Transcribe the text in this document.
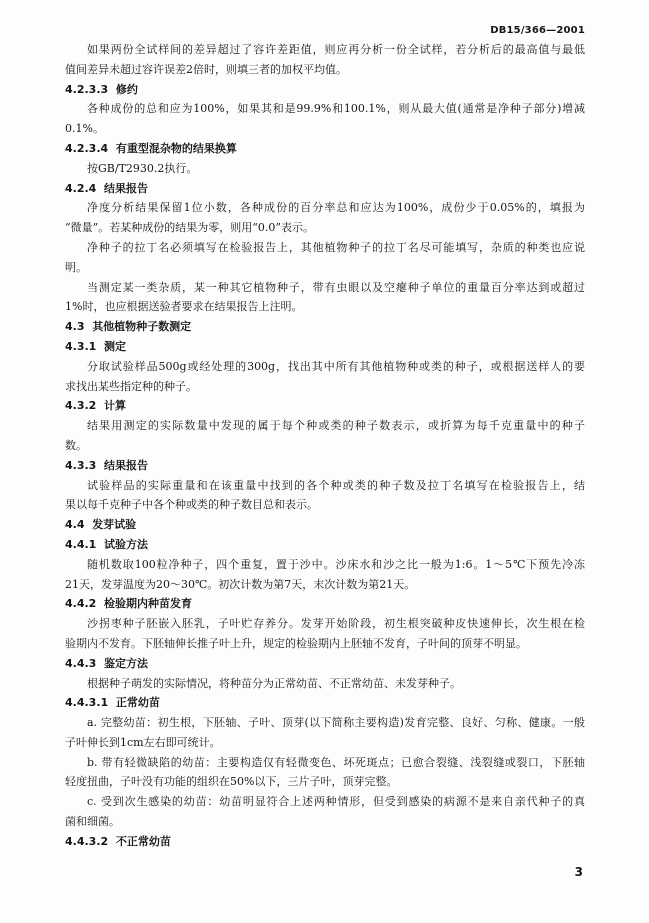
DB15/366—2001
如果两份全试样间的差异超过了容许差距值，则应再分析一份全试样，若分析后的最高值与最低
值间差异未超过容许误差2倍时，则填三者的加权平均值。
4.2.3.3 修约
各种成份的总和应为100%，如果其和是99.9%和100.1%，则从最大值(通常是净种子部分)增减
0.1%。
4.2.3.4 有重型混杂物的结果换算
按GB/T2930.2执行。
4.2.4 结果报告
净度分析结果保留1位小数，各种成份的百分率总和应达为100%，成份少于0.05%的，填报为
“微量”。若某种成份的结果为零，则用“0.0”表示。
净种子的拉丁名必须填写在检验报告上，其他植物种子的拉丁名尽可能填写，杂质的种类也应说
明。
当测定某一类杂质，某一种其它植物种子，带有虫眼以及空瘪种子单位的重量百分率达到或超过
1%时，也应根据送验者要求在结果报告上注明。
4.3 其他植物种子数测定
4.3.1 测定
分取试验样品500g或经处理的300g，找出其中所有其他植物种或类的种子，或根据送样人的要
求找出某些指定种的种子。
4.3.2 计算
结果用测定的实际数量中发现的属于每个种或类的种子数表示，或折算为每千克重量中的种子
数。
4.3.3 结果报告
试验样品的实际重量和在该重量中找到的各个种或类的种子数及拉丁名填写在检验报告上，结
果以每千克种子中各个种或类的种子数目总和表示。
4.4 发芽试验
4.4.1 试验方法
随机数取100粒净种子，四个重复，置于沙中。沙床水和沙之比一般为1:6。1～5℃下预先冷冻
21天，发芽温度为20～30℃。初次计数为第7天，末次计数为第21天。
4.4.2 检验期内种苗发育
沙拐枣种子胚嵌入胚乳，子叶贮存养分。发芽开始阶段，初生根突破种皮快速伸长，次生根在检
验期内不发育。下胚轴伸长推子叶上升，规定的检验期内上胚轴不发育，子叶间的顶芽不明显。
4.4.3 鉴定方法
根据种子萌发的实际情况，将种苗分为正常幼苗、不正常幼苗、未发芽种子。
4.4.3.1 正常幼苗
a. 完整幼苗：初生根，下胚轴、子叶、顶芽(以下简称主要构造)发育完整、良好、匀称、健康。一般
子叶伸长到1cm左右即可统计。
b. 带有轻微缺陷的幼苗：主要构造仅有轻微变色、坏死斑点；已愈合裂缝、浅裂缝或裂口，下胚轴
轻度扭曲，子叶没有功能的组织在50%以下，三片子叶，顶芽完整。
c. 受到次生感染的幼苗：幼苗明显符合上述两种情形，但受到感染的病源不是来自亲代种子的真
菌和细菌。
4.4.3.2 不正常幼苗
3
